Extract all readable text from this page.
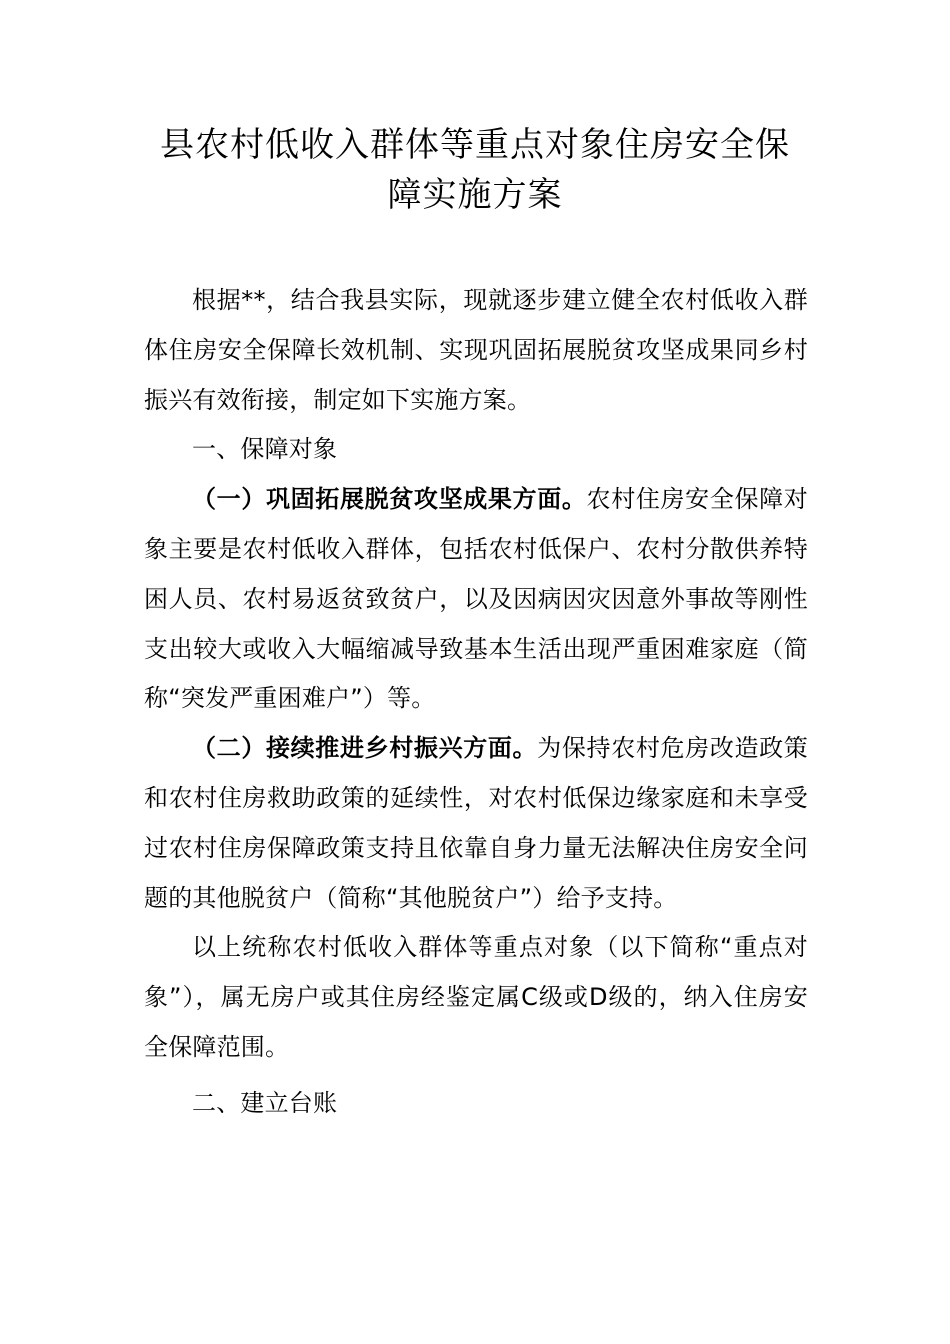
县农村低收入群体等重点对象住房安全保
障实施方案

根据**，结合我县实际，现就逐步建立健全农村低收入群体住房安全保障长效机制、实现巩固拓展脱贫攻坚成果同乡村振兴有效衔接，制定如下实施方案。

一、保障对象

（一）巩固拓展脱贫攻坚成果方面。农村住房安全保障对象主要是农村低收入群体，包括农村低保户、农村分散供养特困人员、农村易返贫致贫户，以及因病因灾因意外事故等刚性支出较大或收入大幅缩减导致基本生活出现严重困难家庭（简称“突发严重困难户”）等。

（二）接续推进乡村振兴方面。为保持农村危房改造政策和农村住房救助政策的延续性，对农村低保边缘家庭和未享受过农村住房保障政策支持且依靠自身力量无法解决住房安全问题的其他脱贫户（简称“其他脱贫户”）给予支持。

以上统称农村低收入群体等重点对象（以下简称“重点对象”），属无房户或其住房经鉴定属C级或D级的，纳入住房安全保障范围。

二、建立台账
